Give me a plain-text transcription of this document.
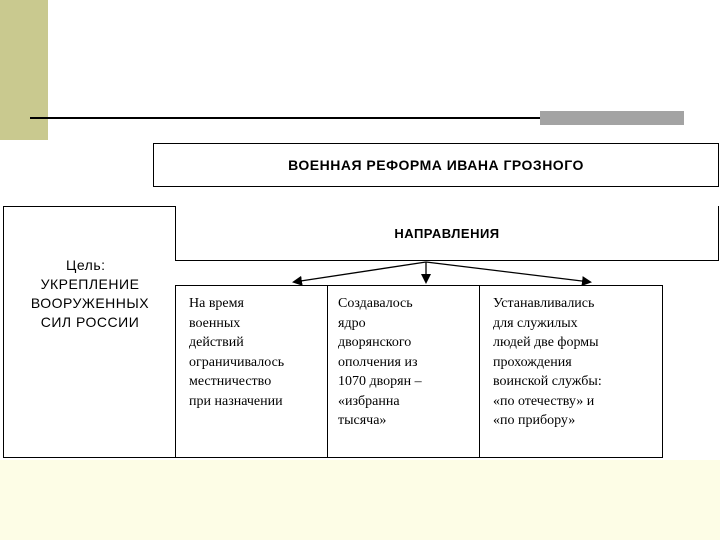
ВОЕННАЯ РЕФОРМА ИВАНА ГРОЗНОГО
НАПРАВЛЕНИЯ
Цель:
УКРЕПЛЕНИЕ
ВООРУЖЕННЫХ
СИЛ РОССИИ
На время
военных
действий
ограничивалось
местничество
при назначении
Создавалось
ядро
дворянского
ополчения из
1070 дворян –
«избранна
тысяча»
Устанавливались
для служилых
людей две формы
прохождения
воинской службы:
«по отечеству» и
«по прибору»
